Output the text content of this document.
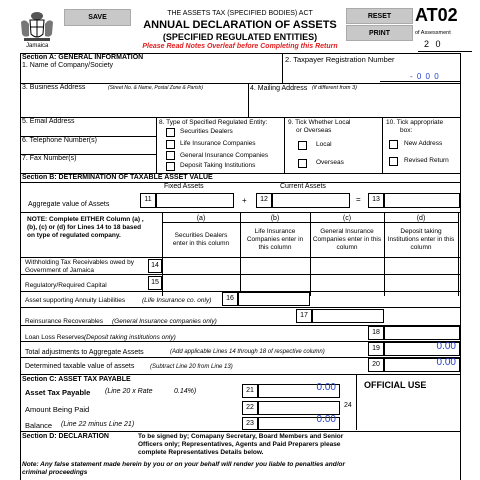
Jamaica
SAVE	RESET
PRINT
THE ASSETS TAX (SPECIFIED BODIES) ACT
ANNUAL DECLARATION OF ASSETS
(SPECIFIED REGULATED ENTITIES)
Please Read Notes Overleaf before Completing this Return
AT02
of Assessment
2 0
Section A: GENERAL INFORMATION
1. Name of Company/Society
2. Taxpayer Registration Number
- 0 0 0
3. Business Address	(Street No. & Name, Postal Zone & Parish)	4. Mailing Address (if different from 3)
5. Email Address
6. Telephone Number(s)
7. Fax Number(s)
8. Type of Specified Regulated Entity:
Securities Dealers
Life Insurance Companies
General Insurance Companies
Deposit Taking Institutions
9. Tick Whether Local
or Overseas
Local
Overseas
10. Tick appropriate
box:
New Address
Revised Return
Section B: DETERMINATION OF TAXABLE ASSET VALUE
Fixed Assets	Current Assets
Aggregate value of Assets
11	+	12	=	13
NOTE: Complete EITHER Column (a) , (b), (c) or (d) for Lines 14 to 18 based on type of regulated company.
(a)
Securities Dealers enter in this column
(b)
Life Insurance Companies enter in this column
(c)
General Insurance Companies enter in this column
(d)
Deposit taking Institutions enter in this column
Withholding Tax Receivables owed by Government of Jamaica
14
Regulatory/Required Capital	15
Asset supporting Annuity Liabilities	(Life Insurance co. only)	16
Reinsurance Recoverables (General Insurance companies only)
17
Loan Loss Reserves (Deposit taking institutions only)
18
Total adjustments to Aggregate Assets	(Add applicable Lines 14 through 18 of respective column)	19	0.00
Determined taxable value of assets	(Subtract Line 20 from Line 13)	20	0.00
Section C: ASSET TAX PAYABLE
Asset Tax Payable (Line 20 x Rate	0.14%)	21	0.00	OFFICIAL USE
Amount Being Paid	22	24
Balance (Line 22 minus Line 21)	23	0.00
Section D: DECLARATION	To be signed by; Comapany Secretary, Board Members and Senior Officers only; Representatives, Agents and Paid Preparers please complete Representatives Details below.
Note: Any false statement made herein by you or on your behalf will render you liable to penalties and/or criminal proceedings
